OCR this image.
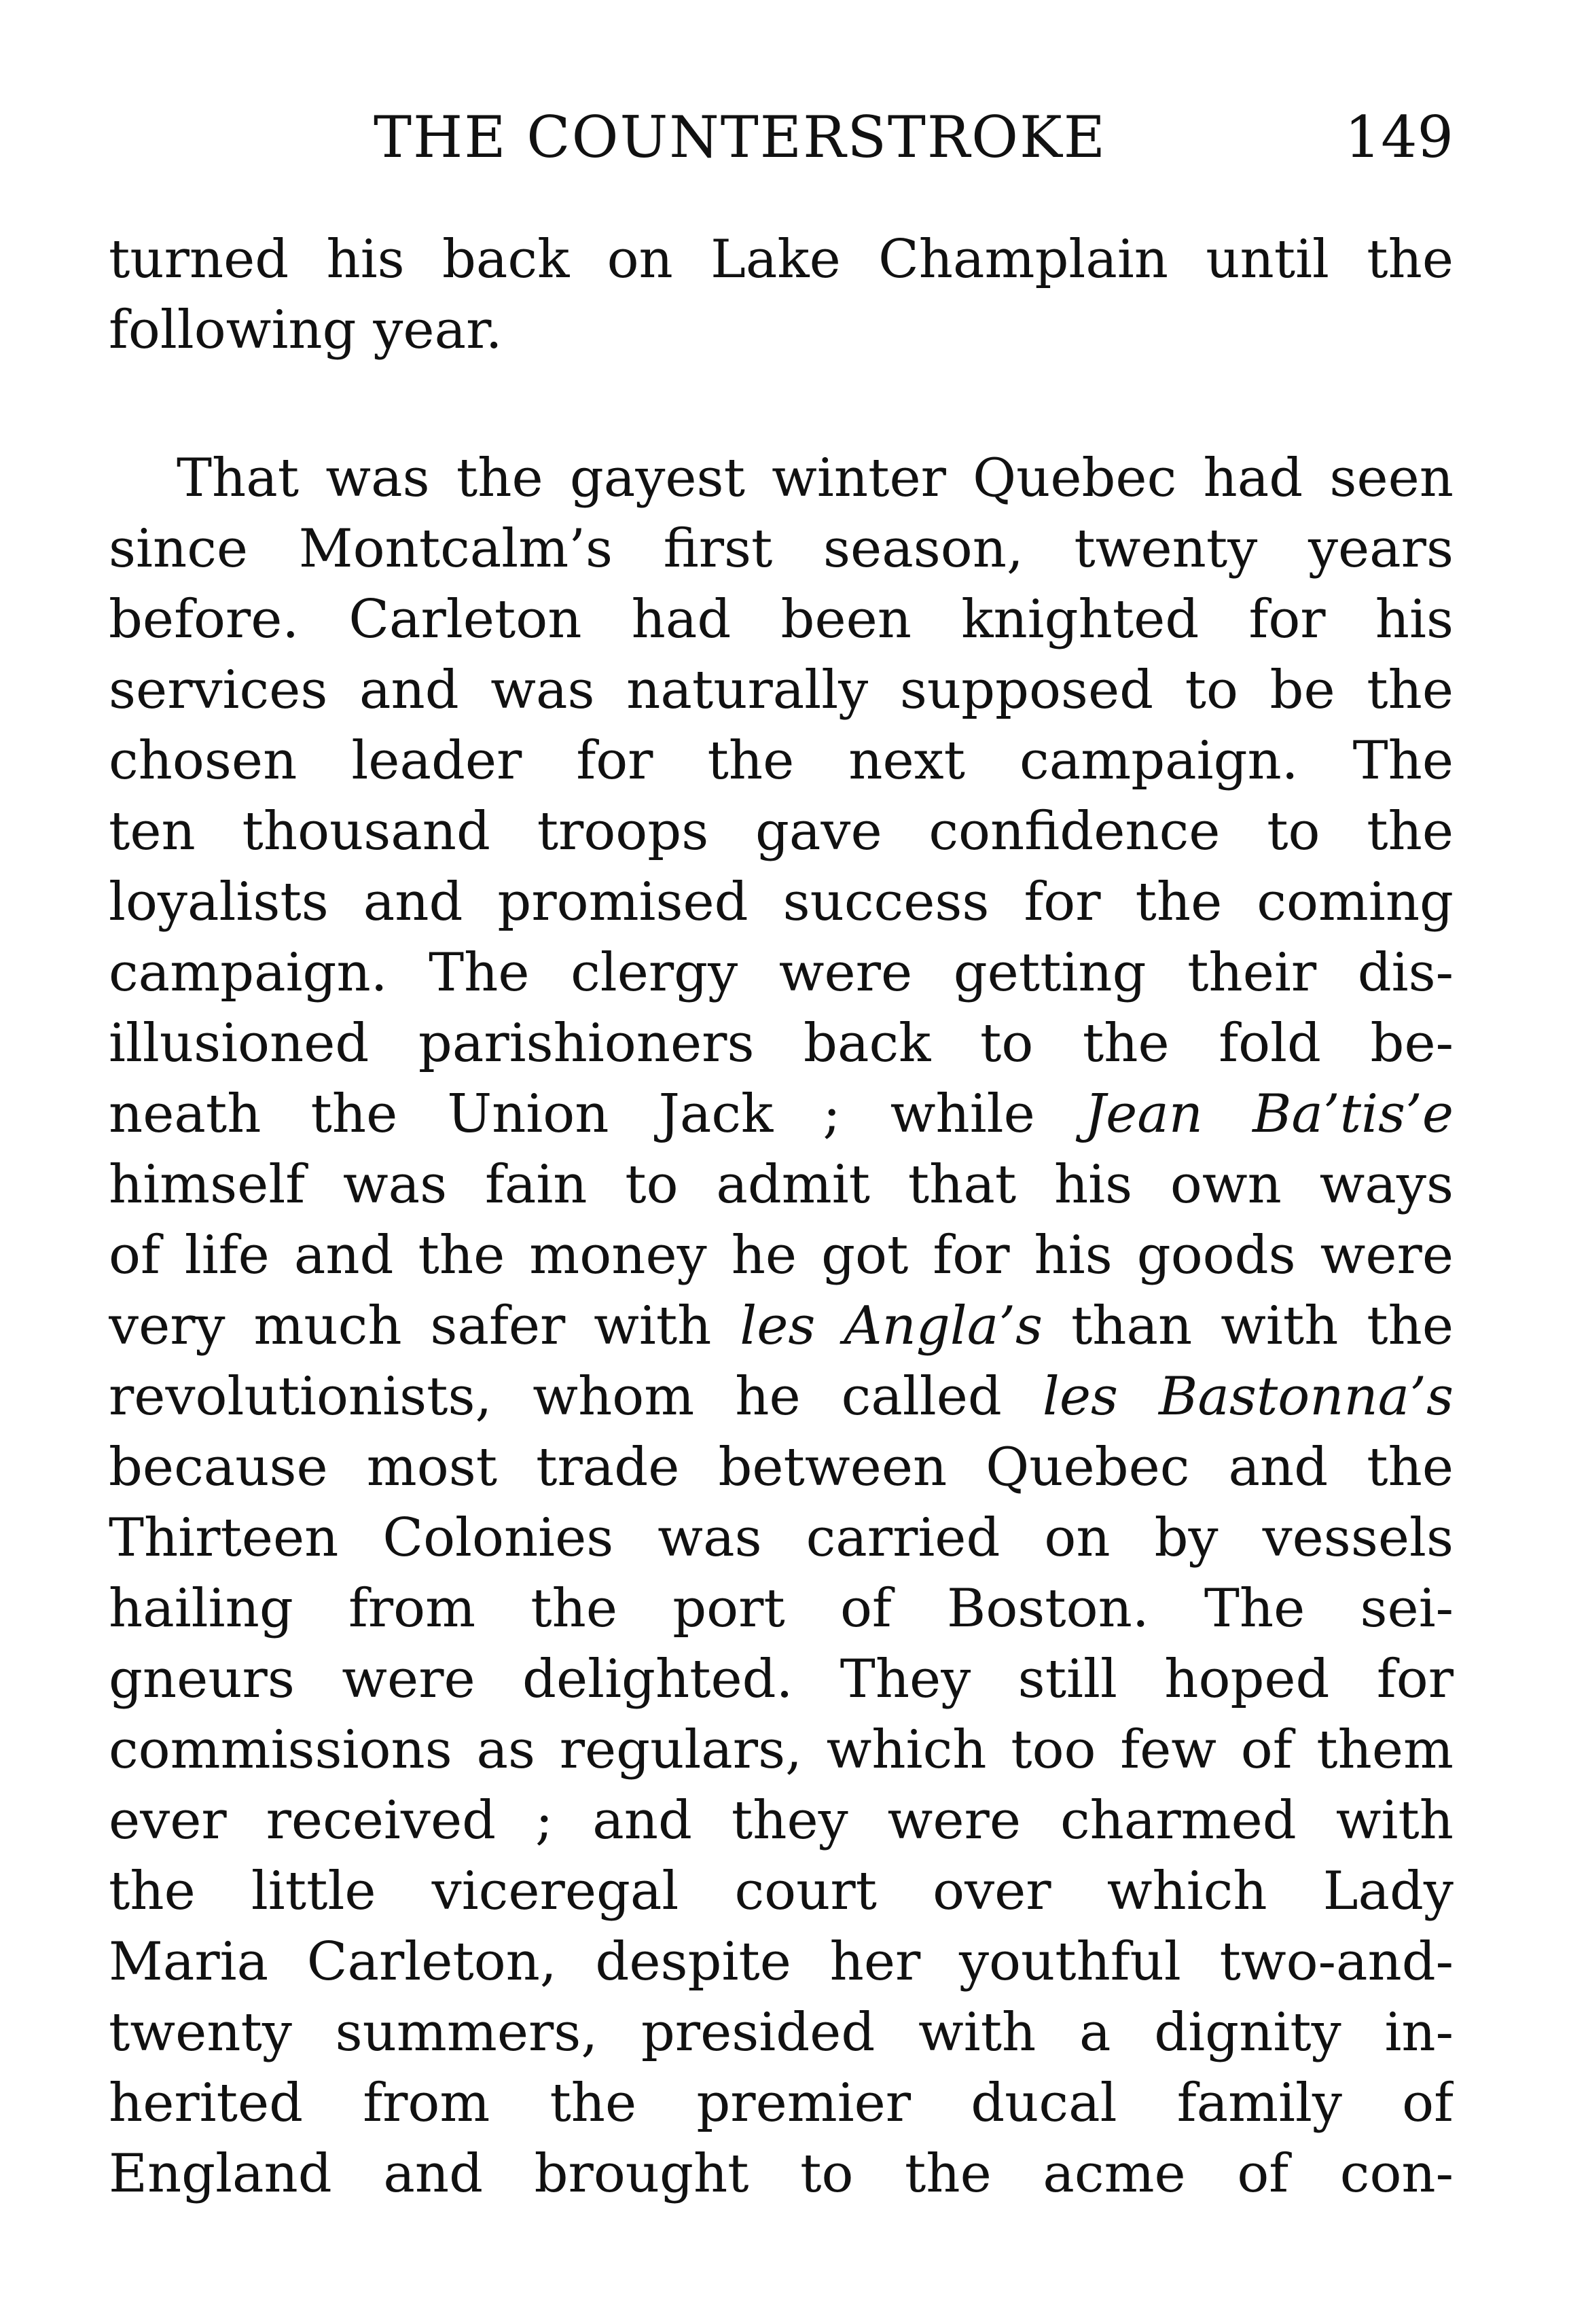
THE COUNTERSTROKE	149
turned his back on Lake Champlain until the
following year.
That was the gayest winter Quebec had seen
since Montcalm’s first season, twenty years
before. Carleton had been knighted for his
services and was naturally supposed to be the
chosen leader for the next campaign. The
ten thousand troops gave confidence to the
loyalists and promised success for the coming
campaign. The clergy were getting their dis-
illusioned parishioners back to the fold be-
neath the Union Jack ; while Jean Ba’tis’e
himself was fain to admit that his own ways
of life and the money he got for his goods were
very much safer with les Angla’s than with the
revolutionists, whom he called les Bastonna’s
because most trade between Quebec and the
Thirteen Colonies was carried on by vessels
hailing from the port of Boston. The sei-
gneurs were delighted. They still hoped for
commissions as regulars, which too few of them
ever received ; and they were charmed with
the little viceregal court over which Lady
Maria Carleton, despite her youthful two-and-
twenty summers, presided with a dignity in-
herited from the premier ducal family of
England and brought to the acme of con-
